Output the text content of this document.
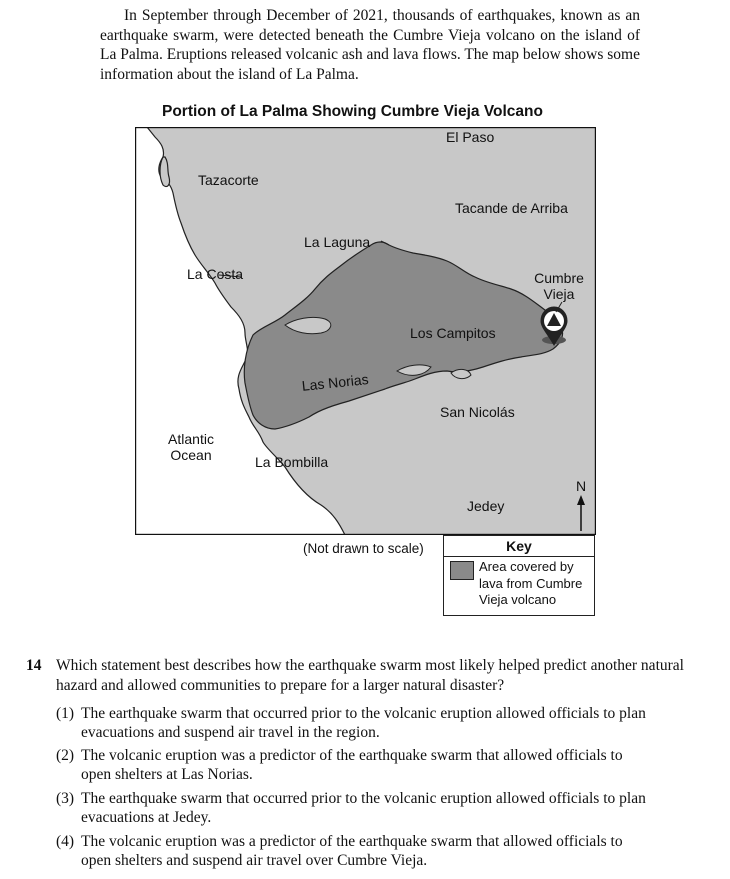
In September through December of 2021, thousands of earthquakes, known as an earthquake swarm, were detected beneath the Cumbre Vieja volcano on the island of La Palma. Eruptions released volcanic ash and lava flows. The map below shows some information about the island of La Palma.
Portion of La Palma Showing Cumbre Vieja Volcano
El Paso
Tazacorte
Tacande de Arriba
La Laguna
La Costa	Cumbre
Vieja
Los Campitos
Las Norias
San Nicolás
Atlantic
Ocean	La Bombilla
Jedey
N
(Not drawn to scale)	Key
Area covered by
lava from Cumbre
Vieja volcano
14 Which statement best describes how the earthquake swarm most likely helped predict another natural hazard and allowed communities to prepare for a larger natural disaster?
(1) The earthquake swarm that occurred prior to the volcanic eruption allowed officials to plan evacuations and suspend air travel in the region.
(2) The volcanic eruption was a predictor of the earthquake swarm that allowed officials to open shelters at Las Norias.
(3) The earthquake swarm that occurred prior to the volcanic eruption allowed officials to plan evacuations at Jedey.
(4) The volcanic eruption was a predictor of the earthquake swarm that allowed officials to open shelters and suspend air travel over Cumbre Vieja.
